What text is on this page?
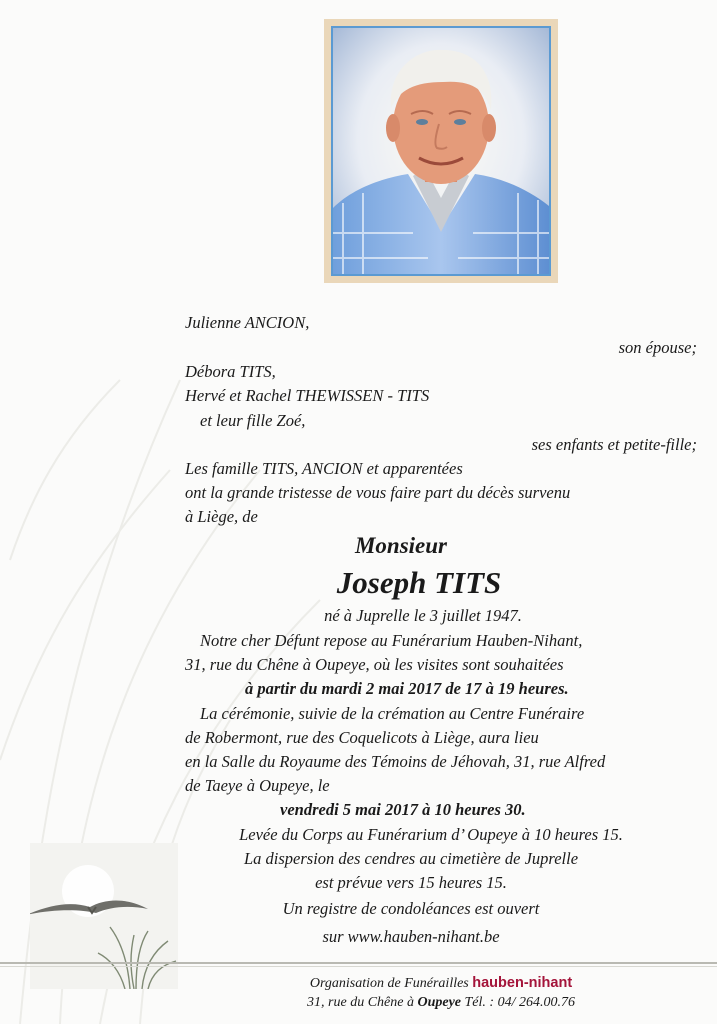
Julienne ANCION,
son épouse;
Débora TITS,
Hervé et Rachel THEWISSEN - TITS
et leur fille Zoé,
ses enfants et petite-fille;
Les famille TITS, ANCION et apparentées
ont la grande tristesse de vous faire part du décès survenu
à Liège, de
Monsieur
Joseph TITS
né à Juprelle le 3 juillet 1947.
Notre cher Défunt repose au Funérarium Hauben-Nihant,
31, rue du Chêne à Oupeye, où les visites sont souhaitées
à partir du mardi 2 mai 2017 de 17 à 19 heures.
La cérémonie, suivie de la crémation au Centre Funéraire
de Robermont, rue des Coquelicots à Liège, aura lieu
en la Salle du Royaume des Témoins de Jéhovah, 31, rue Alfred
de Taeye à Oupeye, le
vendredi 5 mai 2017 à 10 heures 30.
Levée du Corps au Funérarium d’ Oupeye à 10 heures 15.
La dispersion des cendres au cimetière de Juprelle
est prévue vers 15 heures 15.
Un registre de condoléances est ouvert
sur www.hauben-nihant.be
Organisation de Funérailles hauben-nihant
31, rue du Chêne à Oupeye Tél. : 04/ 264.00.76
